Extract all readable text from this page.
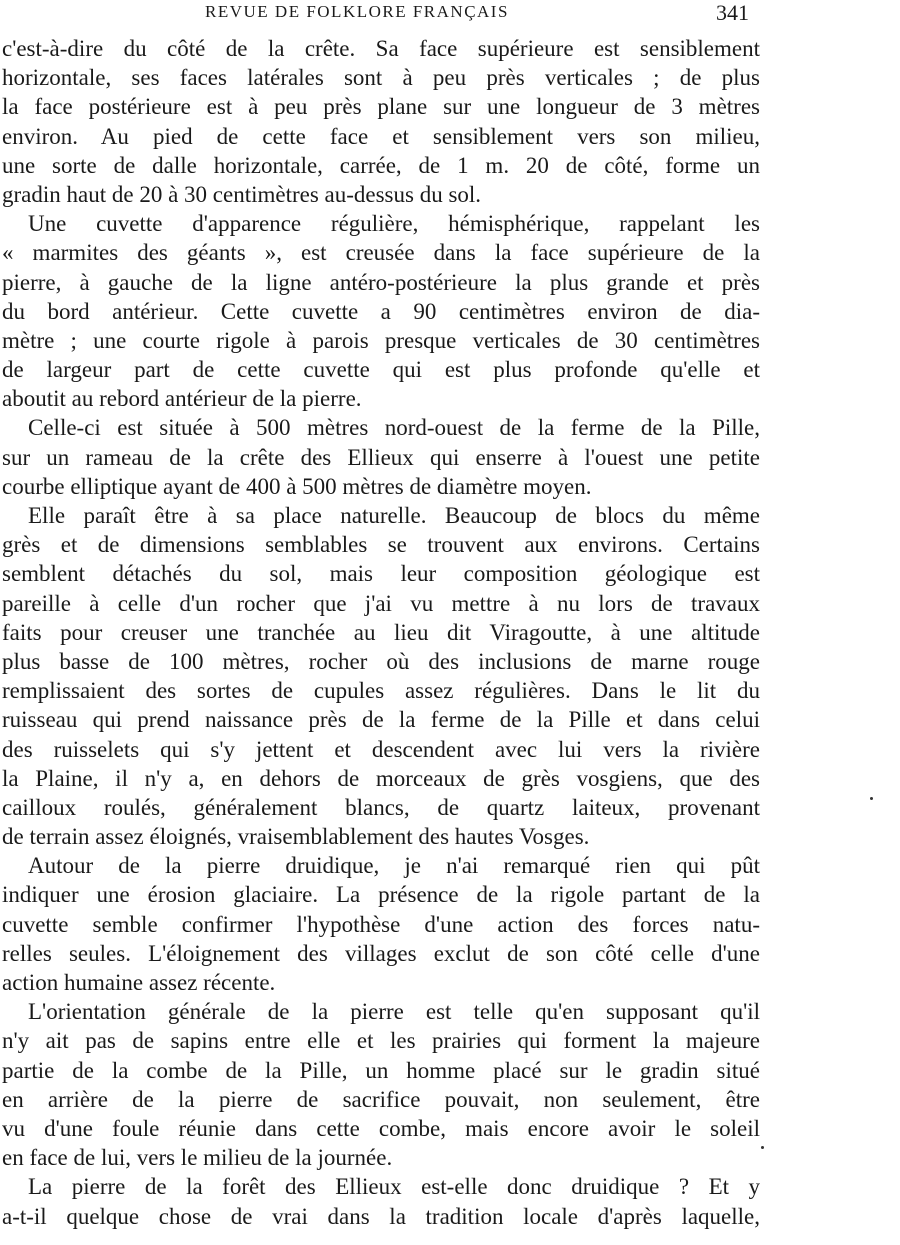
REVUE DE FOLKLORE FRANÇAIS	341
c'est-à-dire du côté de la crête. Sa face supérieure est sensiblement
horizontale, ses faces latérales sont à peu près verticales ; de plus
la face postérieure est à peu près plane sur une longueur de 3 mètres
environ. Au pied de cette face et sensiblement vers son milieu,
une sorte de dalle horizontale, carrée, de 1 m. 20 de côté, forme un
gradin haut de 20 à 30 centimètres au-dessus du sol.
Une cuvette d'apparence régulière, hémisphérique, rappelant les
« marmites des géants », est creusée dans la face supérieure de la
pierre, à gauche de la ligne antéro-postérieure la plus grande et près
du bord antérieur. Cette cuvette a 90 centimètres environ de dia-
mètre ; une courte rigole à parois presque verticales de 30 centimètres
de largeur part de cette cuvette qui est plus profonde qu'elle et
aboutit au rebord antérieur de la pierre.
Celle-ci est située à 500 mètres nord-ouest de la ferme de la Pille,
sur un rameau de la crête des Ellieux qui enserre à l'ouest une petite
courbe elliptique ayant de 400 à 500 mètres de diamètre moyen.
Elle paraît être à sa place naturelle. Beaucoup de blocs du même
grès et de dimensions semblables se trouvent aux environs. Certains
semblent détachés du sol, mais leur composition géologique est
pareille à celle d'un rocher que j'ai vu mettre à nu lors de travaux
faits pour creuser une tranchée au lieu dit Viragoutte, à une altitude
plus basse de 100 mètres, rocher où des inclusions de marne rouge
remplissaient des sortes de cupules assez régulières. Dans le lit du
ruisseau qui prend naissance près de la ferme de la Pille et dans celui
des ruisselets qui s'y jettent et descendent avec lui vers la rivière
la Plaine, il n'y a, en dehors de morceaux de grès vosgiens, que des
cailloux roulés, généralement blancs, de quartz laiteux, provenant
de terrain assez éloignés, vraisemblablement des hautes Vosges.
Autour de la pierre druidique, je n'ai remarqué rien qui pût
indiquer une érosion glaciaire. La présence de la rigole partant de la
cuvette semble confirmer l'hypothèse d'une action des forces natu-
relles seules. L'éloignement des villages exclut de son côté celle d'une
action humaine assez récente.
L'orientation générale de la pierre est telle qu'en supposant qu'il
n'y ait pas de sapins entre elle et les prairies qui forment la majeure
partie de la combe de la Pille, un homme placé sur le gradin situé
en arrière de la pierre de sacrifice pouvait, non seulement, être
vu d'une foule réunie dans cette combe, mais encore avoir le soleil
en face de lui, vers le milieu de la journée.
La pierre de la forêt des Ellieux est-elle donc druidique ? Et y
a-t-il quelque chose de vrai dans la tradition locale d'après laquelle,
